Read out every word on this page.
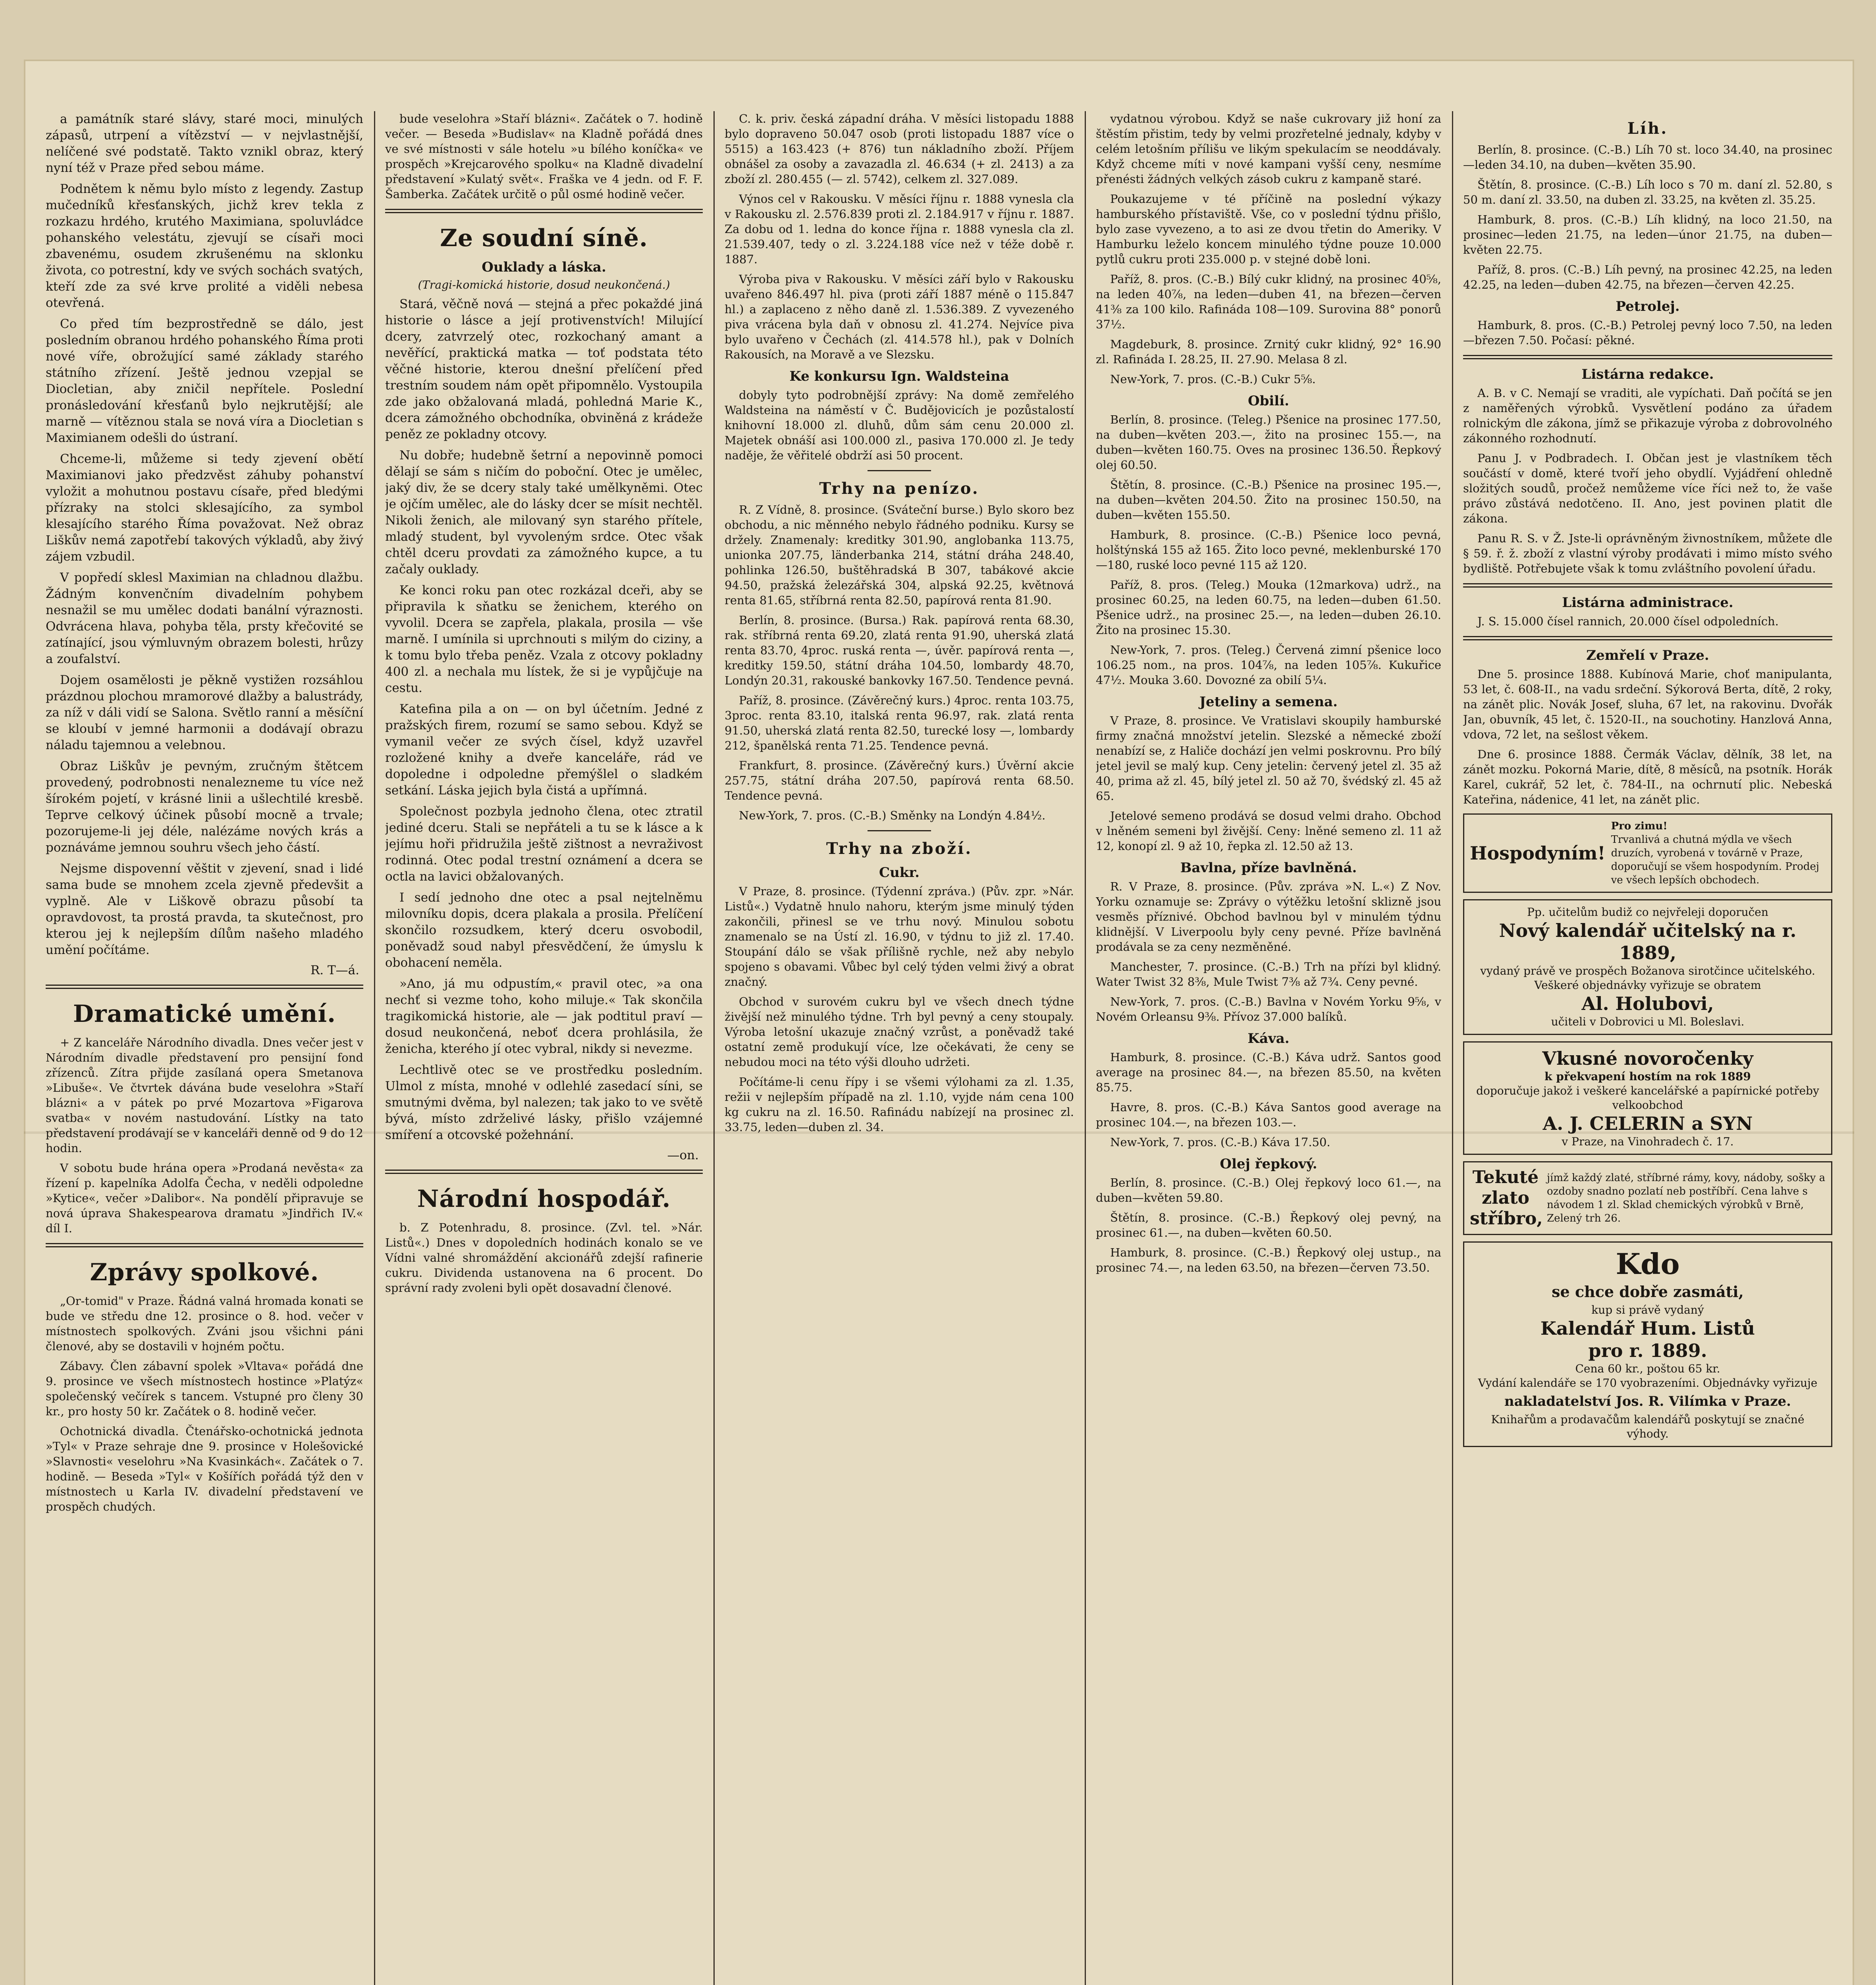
a památník staré slávy, staré moci, minulých zápasů, utrpení a vítězství — v nejvlastnější, nelíčené své podstatě. Takto vznikl obraz, který nyní též v Praze před sebou máme.

Podnětem k němu bylo místo z legendy. Zastup mučedníků křesťanských, jichž krev tekla z rozkazu hrdého, krutého Maximiana, spoluvládce pohanského velestátu, zjevují se císaři moci zbavenému, osudem zkrušenému na sklonku života, co potrestní, kdy ve svých sochách svatých, kteří zde za své krve prolité a viděli nebesa otevřená.

Co před tím bezprostředně se dálo, jest posledním obranou hrdého pohanského Říma proti nové víře, obrožující samé základy starého státního zřízení. Ještě jednou vzepjal se Diocletian, aby zničil nepřítele. Poslední pronásledování křesťanů bylo nejkrutější; ale marně — vítěznou stala se nová víra a Diocletian s Maximianem odešli do ústraní.

Chceme-li, můžeme si tedy zjevení obětí Maximianovi jako předzvěst záhuby pohanství vyložit a mohutnou postavu císaře, před bledými přízraky na stolci sklesajícího, za symbol klesajícího starého Říma považovat. Než obraz Liškův nemá zapotřebí takových výkladů, aby živý zájem vzbudil.

V popředí sklesl Maximian na chladnou dlažbu. Žádným konvenčním divadelním pohybem nesnažil se mu umělec dodati banální výraznosti. Odvrácena hlava, pohyba těla, prsty křečovité se zatínající, jsou výmluvným obrazem bolesti, hrůzy a zoufalství.

Dojem osamělosti je pěkně vystižen rozsáhlou prázdnou plochou mramorové dlažby a balustrády, za níž v dáli vidí se Salona. Světlo ranní a měsíční se kloubí v jemné harmonii a dodávají obrazu náladu tajemnou a velebnou.

Obraz Liškův je pevným, zručným štětcem provedený, podrobnosti nenalezneme tu více než šírokém pojetí, v krásné linii a ušlechtilé kresbě. Teprve celkový účinek působí mocně a trvale; pozorujeme-li jej déle, nalézáme nových krás a poznáváme jemnou souhru všech jeho částí.

Nejsme dispovenní věštit v zjevení, snad i lidé sama bude se mnohem zcela zjevně předevšit a vyplně. Ale v Liškově obrazu působí ta opravdovost, ta prostá pravda, ta skutečnost, pro kterou jej k nejlepším dílům našeho mladého umění počítáme.

R. T—á.
Dramatické umění.

+ Z kanceláře Národního divadla. Dnes večer jest v Národním divadle představení pro pensijní fond zřízenců. Zítra přijde zasílaná opera Smetanova »Libuše«. Ve čtvrtek dávána bude veselohra »Staří blázni« a v pátek po prvé Mozartova »Figarova svatba« v novém nastudování. Lístky na tato představení prodávají se v kanceláři denně od 9 do 12 hodin.

V sobotu bude hrána opera »Prodaná nevěsta« za řízení p. kapelníka Adolfa Čecha, v neděli odpoledne »Kytice«, večer »Dalibor«. Na pondělí připravuje se nová úprava Shakespearova dramatu »Jindřich IV.« díl I.

Zprávy spolkové.

„Or-tomid" v Praze. Řádná valná hromada konati se bude ve středu dne 12. prosince o 8. hod. večer v místnostech spolkových. Zváni jsou všichni páni členové, aby se dostavili v hojném počtu.

Zábavy. Člen zábavní spolek »Vltava« pořádá dne 9. prosince ve všech místnostech hostince »Platýz« společenský večírek s tancem. Vstupné pro členy 30 kr., pro hosty 50 kr. Začátek o 8. hodině večer.

Ochotnická divadla. Čtenářsko-ochotnická jednota »Tyl« v Praze sehraje dne 9. prosince v Holešovické »Slavnosti« veselohru »Na Kvasinkách«. Začátek o 7. hodině. — Beseda »Tyl« v Košířích pořádá týž den v místnostech u Karla IV. divadelní představení ve prospěch chudých.

bude veselohra »Staří blázni«. Začátek o 7. hodině večer. — Beseda »Budislav« na Kladně pořádá dnes ve své místnosti v sále hotelu »u bílého koníčka« ve prospěch »Krejcarového spolku« na Kladně divadelní představení »Kulatý svět«. Fraška ve 4 jedn. od F. F. Šamberka. Začátek určitě o půl osmé hodině večer.

Ze soudní síně.
Ouklady a láska.
(Tragi-komická historie, dosud neukončená.)

Stará, věčně nová — stejná a přec pokaždé jiná historie o lásce a její protivenstvích! Milující dcery, zatvrzelý otec, rozkochaný amant a nevěřící, praktická matka — toť podstata této věčné historie, kterou dnešní přelíčení před trestním soudem nám opět připomnělo. Vystoupila zde jako obžalovaná mladá, pohledná Marie K., dcera zámožného obchodníka, obviněná z krádeže peněz ze pokladny otcovy.

Nu dobře; hudebně šetrní a nepovinně pomoci dělají se sám s ničím do poboční. Otec je umělec, jaký div, že se dcery staly také umělkyněmi. Otec je ojčím umělec, ale do lásky dcer se mísit nechtěl. Nikoli ženich, ale milovaný syn starého přítele, mladý student, byl vyvoleným srdce. Otec však chtěl dceru provdati za zámožného kupce, a tu začaly ouklady.

Ke konci roku pan otec rozkázal dceři, aby se připravila k sňatku se ženichem, kterého on vyvolil. Dcera se zapřela, plakala, prosila — vše marně. I umínila si uprchnouti s milým do ciziny, a k tomu bylo třeba peněz. Vzala z otcovy pokladny 400 zl. a nechala mu lístek, že si je vypůjčuje na cestu.

Katefina pila a on — on byl účetním. Jedné z pražských firem, rozumí se samo sebou. Když se vymanil večer ze svých čísel, když uzavřel rozložené knihy a dveře kanceláře, rád ve dopoledne i odpoledne přemýšlel o sladkém setkání. Láska jejich byla čistá a upřímná.

Společnost pozbyla jednoho člena, otec ztratil jediné dceru. Stali se nepřáteli a tu se k lásce a k jejímu hoři přidružila ještě zištnost a nevraživost rodinná. Otec podal trestní oznámení a dcera se octla na lavici obžalovaných.

I sedí jednoho dne otec a psal nejtelněmu milovníku dopis, dcera plakala a prosila. Přelíčení skončilo rozsudkem, který dceru osvobodil, poněvadž soud nabyl přesvědčení, že úmyslu k obohacení neměla.

»Ano, já mu odpustím,« pravil otec, »a ona nechť si vezme toho, koho miluje.« Tak skončila tragikomická historie, ale — jak podtitul praví — dosud neukončená, neboť dcera prohlásila, že ženicha, kterého jí otec vybral, nikdy si nevezme.

Lechtlivě otec se ve prostředku posledním. Ulmol z místa, mnohé v odlehlé zasedací síni, se smutnými dvěma, byl nalezen; tak jako to ve světě bývá, místo zdrželivé lásky, přišlo vzájemné smíření a otcovské požehnání.

—on.
Národní hospodář.

b. Z Potenhradu, 8. prosince. (Zvl. tel. »Nár. Listů«.) Dnes v dopoledních hodinách konalo se ve Vídni valné shromáždění akcionářů zdejší rafinerie cukru. Dividenda ustanovena na 6 procent. Do správní rady zvoleni byli opět dosavadní členové.

C. k. priv. česká západní dráha. V měsíci listopadu 1888 bylo dopraveno 50.047 osob (proti listopadu 1887 více o 5515) a 163.423 (+ 876) tun nákladního zboží. Příjem obnášel za osoby a zavazadla zl. 46.634 (+ zl. 2413) a za zboží zl. 280.455 (— zl. 5742), celkem zl. 327.089.

Výnos cel v Rakousku. V měsíci říjnu r. 1888 vynesla cla v Rakousku zl. 2.576.839 proti zl. 2.184.917 v říjnu r. 1887. Za dobu od 1. ledna do konce října r. 1888 vynesla cla zl. 21.539.407, tedy o zl. 3.224.188 více než v téže době r. 1887.

Výroba piva v Rakousku. V měsíci září bylo v Rakousku uvařeno 846.497 hl. piva (proti září 1887 méně o 115.847 hl.) a zaplaceno z něho daně zl. 1.536.389. Z vyvezeného piva vrácena byla daň v obnosu zl. 41.274. Nejvíce piva bylo uvařeno v Čechách (zl. 414.578 hl.), pak v Dolních Rakousích, na Moravě a ve Slezsku.

Ke konkursu Ign. Waldsteina

dobyly tyto podrobnější zprávy: Na domě zemřelého Waldsteina na náměstí v Č. Budějovicích je pozůstalostí knihovní 18.000 zl. dluhů, dům sám cenu 20.000 zl. Majetek obnáší asi 100.000 zl., pasiva 170.000 zl. Je tedy naděje, že věřitelé obdrží asi 50 procent.

Trhy na penízo.

R. Z Vídně, 8. prosince. (Sváteční burse.) Bylo skoro bez obchodu, a nic měnného nebylo řádného podniku. Kursy se držely. Znamenaly: kreditky 301.90, anglobanka 113.75, unionka 207.75, länderbanka 214, státní dráha 248.40, pohlinka 126.50, buštěhradská B 307, tabákové akcie 94.50, pražská železářská 304, alpská 92.25, květnová renta 81.65, stříbrná renta 82.50, papírová renta 81.90.

Berlín, 8. prosince. (Bursa.) Rak. papírová renta 68.30, rak. stříbrná renta 69.20, zlatá renta 91.90, uherská zlatá renta 83.70, 4proc. ruská renta —, úvěr. papírová renta —, kreditky 159.50, státní dráha 104.50, lombardy 48.70, Londýn 20.31, rakouské bankovky 167.50. Tendence pevná.

Paříž, 8. prosince. (Závěrečný kurs.) 4proc. renta 103.75, 3proc. renta 83.10, italská renta 96.97, rak. zlatá renta 91.50, uherská zlatá renta 82.50, turecké losy —, lombardy 212, španělská renta 71.25. Tendence pevná.

Frankfurt, 8. prosince. (Závěrečný kurs.) Úvěrní akcie 257.75, státní dráha 207.50, papírová renta 68.50. Tendence pevná.

New-York, 7. pros. (C.-B.) Směnky na Londýn 4.84½.

Trhy na zboží.
Cukr.

V Praze, 8. prosince. (Týdenní zpráva.) (Pův. zpr. »Nár. Listů«.) Vydatně hnulo nahoru, kterým jsme minulý týden zakončili, přinesl se ve trhu nový. Minulou sobotu znamenalo se na Ústí zl. 16.90, v týdnu to již zl. 17.40. Stoupání dálo se však přílišně rychle, než aby nebylo spojeno s obavami. Vůbec byl celý týden velmi živý a obrat značný.

Obchod v surovém cukru byl ve všech dnech týdne živější než minulého týdne. Trh byl pevný a ceny stoupaly. Výroba letošní ukazuje značný vzrůst, a poněvadž také ostatní země produkují více, lze očekávati, že ceny se nebudou moci na této výši dlouho udržeti.

Počítáme-li cenu řípy i se všemi výlohami za zl. 1.35, režii v nejlepším případě na zl. 1.10, vyjde nám cena 100 kg cukru na zl. 16.50. Rafinádu nabízejí na prosinec zl. 33.75, leden—duben zl. 34.

vydatnou výrobou. Když se naše cukrovary již honí za štěstím přistim, tedy by velmi prozřetelné jednaly, kdyby v celém letošním přílišu ve likým spekulacím se neoddávaly. Když chceme míti v nové kampani vyšší ceny, nesmíme přenésti žádných velkých zásob cukru z kampaně staré.

Poukazujeme v té příčině na poslední výkazy hamburského přístaviště. Vše, co v poslední týdnu přišlo, bylo zase vyvezeno, a to asi ze dvou třetin do Ameriky. V Hamburku leželo koncem minulého týdne pouze 10.000 pytlů cukru proti 235.000 p. v stejné době loni.

Paříž, 8. pros. (C.-B.) Bílý cukr klidný, na prosinec 40⅝, na leden 40⅞, na leden—duben 41, na březen—červen 41⅜ za 100 kilo. Rafináda 108—109. Surovina 88° ponorů 37½.

Magdeburk, 8. prosince. Zrnitý cukr klidný, 92° 16.90 zl. Rafináda I. 28.25, II. 27.90. Melasa 8 zl.

New-York, 7. pros. (C.-B.) Cukr 5⅝.

Obilí.

Berlín, 8. prosince. (Teleg.) Pšenice na prosinec 177.50, na duben—květen 203.—, žito na prosinec 155.—, na duben—květen 160.75. Oves na prosinec 136.50. Řepkový olej 60.50.

Štětín, 8. prosince. (C.-B.) Pšenice na prosinec 195.—, na duben—květen 204.50. Žito na prosinec 150.50, na duben—květen 155.50.

Hamburk, 8. prosince. (C.-B.) Pšenice loco pevná, holštýnská 155 až 165. Žito loco pevné, meklenburské 170—180, ruské loco pevné 115 až 120.

Paříž, 8. pros. (Teleg.) Mouka (12markova) udrž., na prosinec 60.25, na leden 60.75, na leden—duben 61.50. Pšenice udrž., na prosinec 25.—, na leden—duben 26.10. Žito na prosinec 15.30.

New-York, 7. pros. (Teleg.) Červená zimní pšenice loco 106.25 nom., na pros. 104⅞, na leden 105⅞. Kukuřice 47½. Mouka 3.60. Dovozné za obilí 5¼.

Jeteliny a semena.

V Praze, 8. prosince. Ve Vratislavi skoupily hamburské firmy značná množství jetelin. Slezské a německé zboží nenabízí se, z Haliče dochází jen velmi poskrovnu. Pro bílý jetel jevil se malý kup. Ceny jetelin: červený jetel zl. 35 až 40, prima až zl. 45, bílý jetel zl. 50 až 70, švédský zl. 45 až 65.

Jetelové semeno prodává se dosud velmi draho. Obchod v lněném semeni byl živější. Ceny: lněné semeno zl. 11 až 12, konopí zl. 9 až 10, řepka zl. 12.50 až 13.

Bavlna, příze bavlněná.

R. V Praze, 8. prosince. (Pův. zpráva »N. L.«) Z Nov. Yorku oznamuje se: Zprávy o výtěžku letošní sklizně jsou vesměs příznivé. Obchod bavlnou byl v minulém týdnu klidnější. V Liverpoolu byly ceny pevné. Příze bavlněná prodávala se za ceny nezměněné.

Manchester, 7. prosince. (C.-B.) Trh na přízi byl klidný. Water Twist 32 8⅜, Mule Twist 7⅜ až 7¾. Ceny pevné.

New-York, 7. pros. (C.-B.) Bavlna v Novém Yorku 9⅝, v Novém Orleansu 9⅜. Přívoz 37.000 balíků.

Káva.

Hamburk, 8. prosince. (C.-B.) Káva udrž. Santos good average na prosinec 84.—, na březen 85.50, na květen 85.75.

Havre, 8. pros. (C.-B.) Káva Santos good average na prosinec 104.—, na březen 103.—.

New-York, 7. pros. (C.-B.) Káva 17.50.

Olej řepkový.

Berlín, 8. prosince. (C.-B.) Olej řepkový loco 61.—, na duben—květen 59.80.

Štětín, 8. prosince. (C.-B.) Řepkový olej pevný, na prosinec 61.—, na duben—květen 60.50.

Hamburk, 8. prosince. (C.-B.) Řepkový olej ustup., na prosinec 74.—, na leden 63.50, na březen—červen 73.50.

Líh.

Berlín, 8. prosince. (C.-B.) Líh 70 st. loco 34.40, na prosinec—leden 34.10, na duben—květen 35.90.

Štětín, 8. prosince. (C.-B.) Líh loco s 70 m. daní zl. 52.80, s 50 m. daní zl. 33.50, na duben zl. 33.25, na květen zl. 35.25.

Hamburk, 8. pros. (C.-B.) Líh klidný, na loco 21.50, na prosinec—leden 21.75, na leden—únor 21.75, na duben—květen 22.75.

Paříž, 8. pros. (C.-B.) Líh pevný, na prosinec 42.25, na leden 42.25, na leden—duben 42.75, na březen—červen 42.25.

Petrolej.

Hamburk, 8. pros. (C.-B.) Petrolej pevný loco 7.50, na leden—březen 7.50. Počasí: pěkné.

Listárna redakce.

A. B. v C. Nemají se vraditi, ale vypíchati. Daň počítá se jen z naměřených výrobků. Vysvětlení podáno za úřadem rolnickým dle zákona, jímž se přikazuje výroba z dobrovolného zákonného rozhodnutí.

Panu J. v Podbradech. I. Občan jest je vlastníkem těch součástí v domě, které tvoří jeho obydlí. Vyjádření ohledně složitých soudů, pročež nemůžeme více říci než to, že vaše právo zůstává nedotčeno. II. Ano, jest povinen platit dle zákona.

Panu R. S. v Ž. Jste-li oprávněným živnostníkem, můžete dle § 59. ř. ž. zboží z vlastní výroby prodávati i mimo místo svého bydliště. Potřebujete však k tomu zvláštního povolení úřadu.

Listárna administrace.

J. S. 15.000 čísel rannich, 20.000 čísel odpoledních.

Zemřelí v Praze.

Dne 5. prosince 1888. Kubínová Marie, choť manipulanta, 53 let, č. 608-II., na vadu srdeční. Sýkorová Berta, dítě, 2 roky, na zánět plic. Novák Josef, sluha, 67 let, na rakovinu. Dvořák Jan, obuvník, 45 let, č. 1520-II., na souchotiny. Hanzlová Anna, vdova, 72 let, na sešlost věkem.

Dne 6. prosince 1888. Čermák Václav, dělník, 38 let, na zánět mozku. Pokorná Marie, dítě, 8 měsíců, na psotník. Horák Karel, cukrář, 52 let, č. 784-II., na ochrnutí plic. Nebeská Kateřina, nádenice, 41 let, na zánět plic.

Hospodyním!
Pro zimu!
Trvanlivá a chutná mýdla ve všech druzích, vyrobená v továrně v Praze, doporučují se všem hospodyním. Prodej ve všech lepších obchodech.
Pp. učitelům budiž co nejvřeleji doporučen
Nový kalendář učitelský na r. 1889,
vydaný právě ve prospěch Božanova sirotčince učitelského. Veškeré objednávky vyřizuje se obratem
Al. Holubovi,
učiteli v Dobrovici u Ml. Boleslavi.
Vkusné novoročenky
k překvapení hostím na rok 1889
doporučuje jakož i veškeré kancelářské a papírnické potřeby velkoobchod
A. J. CELERIN a SYN
v Praze, na Vinohradech č. 17.
Tekuté zlato stříbro,
jímž každý zlaté, stříbrné rámy, kovy, nádoby, sošky a ozdoby snadno pozlatí neb postříbří. Cena lahve s návodem 1 zl. Sklad chemických výrobků v Brně, Zelený trh 26.
Kdo
se chce dobře zasmáti,
kup si právě vydaný
Kalendář Hum. Listů
pro r. 1889.
Cena 60 kr., poštou 65 kr.
Vydání kalendáře se 170 vyobrazeními. Objednávky vyřizuje
nakladatelství Jos. R. Vilímka v Praze.
Knihařům a prodavačům kalendářů poskytují se značné výhody.
